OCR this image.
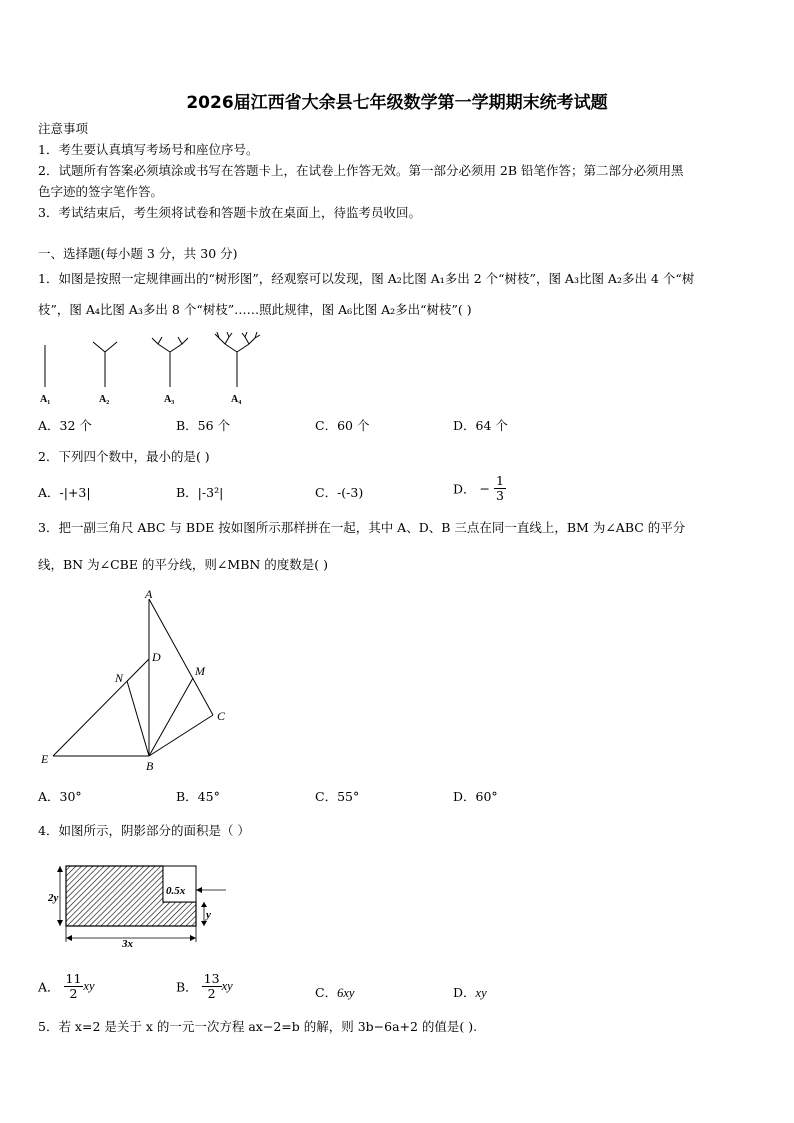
2026届江西省大余县七年级数学第一学期期末统考试题
注意事项
1．考生要认真填写考场号和座位序号。
2．试题所有答案必须填涂或书写在答题卡上，在试卷上作答无效。第一部分必须用 2B 铅笔作答；第二部分必须用黑
色字迹的签字笔作答。
3．考试结束后，考生须将试卷和答题卡放在桌面上，待监考员收回。
一、选择题(每小题 3 分，共 30 分)
1．如图是按照一定规律画出的“树形图”，经观察可以发现，图 A₂比图 A₁多出 2 个“树枝”，图 A₃比图 A₂多出 4 个“树
枝”，图 A₄比图 A₃多出 8 个“树枝”……照此规律，图 A₆比图 A₂多出“树枝”( )
A₁	A₂	A₃	A₄
A．32 个	B．56 个	C．60 个	D．64 个
2．下列四个数中，最小的是( )
A．-|+3|	B．|-3²|	C．-(-3)	D． − $\frac{1}{3}$
3．把一副三角尺 ABC 与 BDE 按如图所示那样拼在一起，其中 A、D、B 三点在同一直线上，BM 为∠ABC 的平分
线，BN 为∠CBE 的平分线，则∠MBN 的度数是( )
A
D
N	M
C
E	B
A．30°	B．45°	C．55°	D．60°
4．如图所示，阴影部分的面积是（ ）
2y
0.5x
y
3x
A． $\frac{11}{2}$ xy	B． $\frac{13}{2}$ xy	C．6xy	D．xy
5．若 x=2 是关于 x 的一元一次方程 ax−2=b 的解，则 3b−6a+2 的值是( ).
